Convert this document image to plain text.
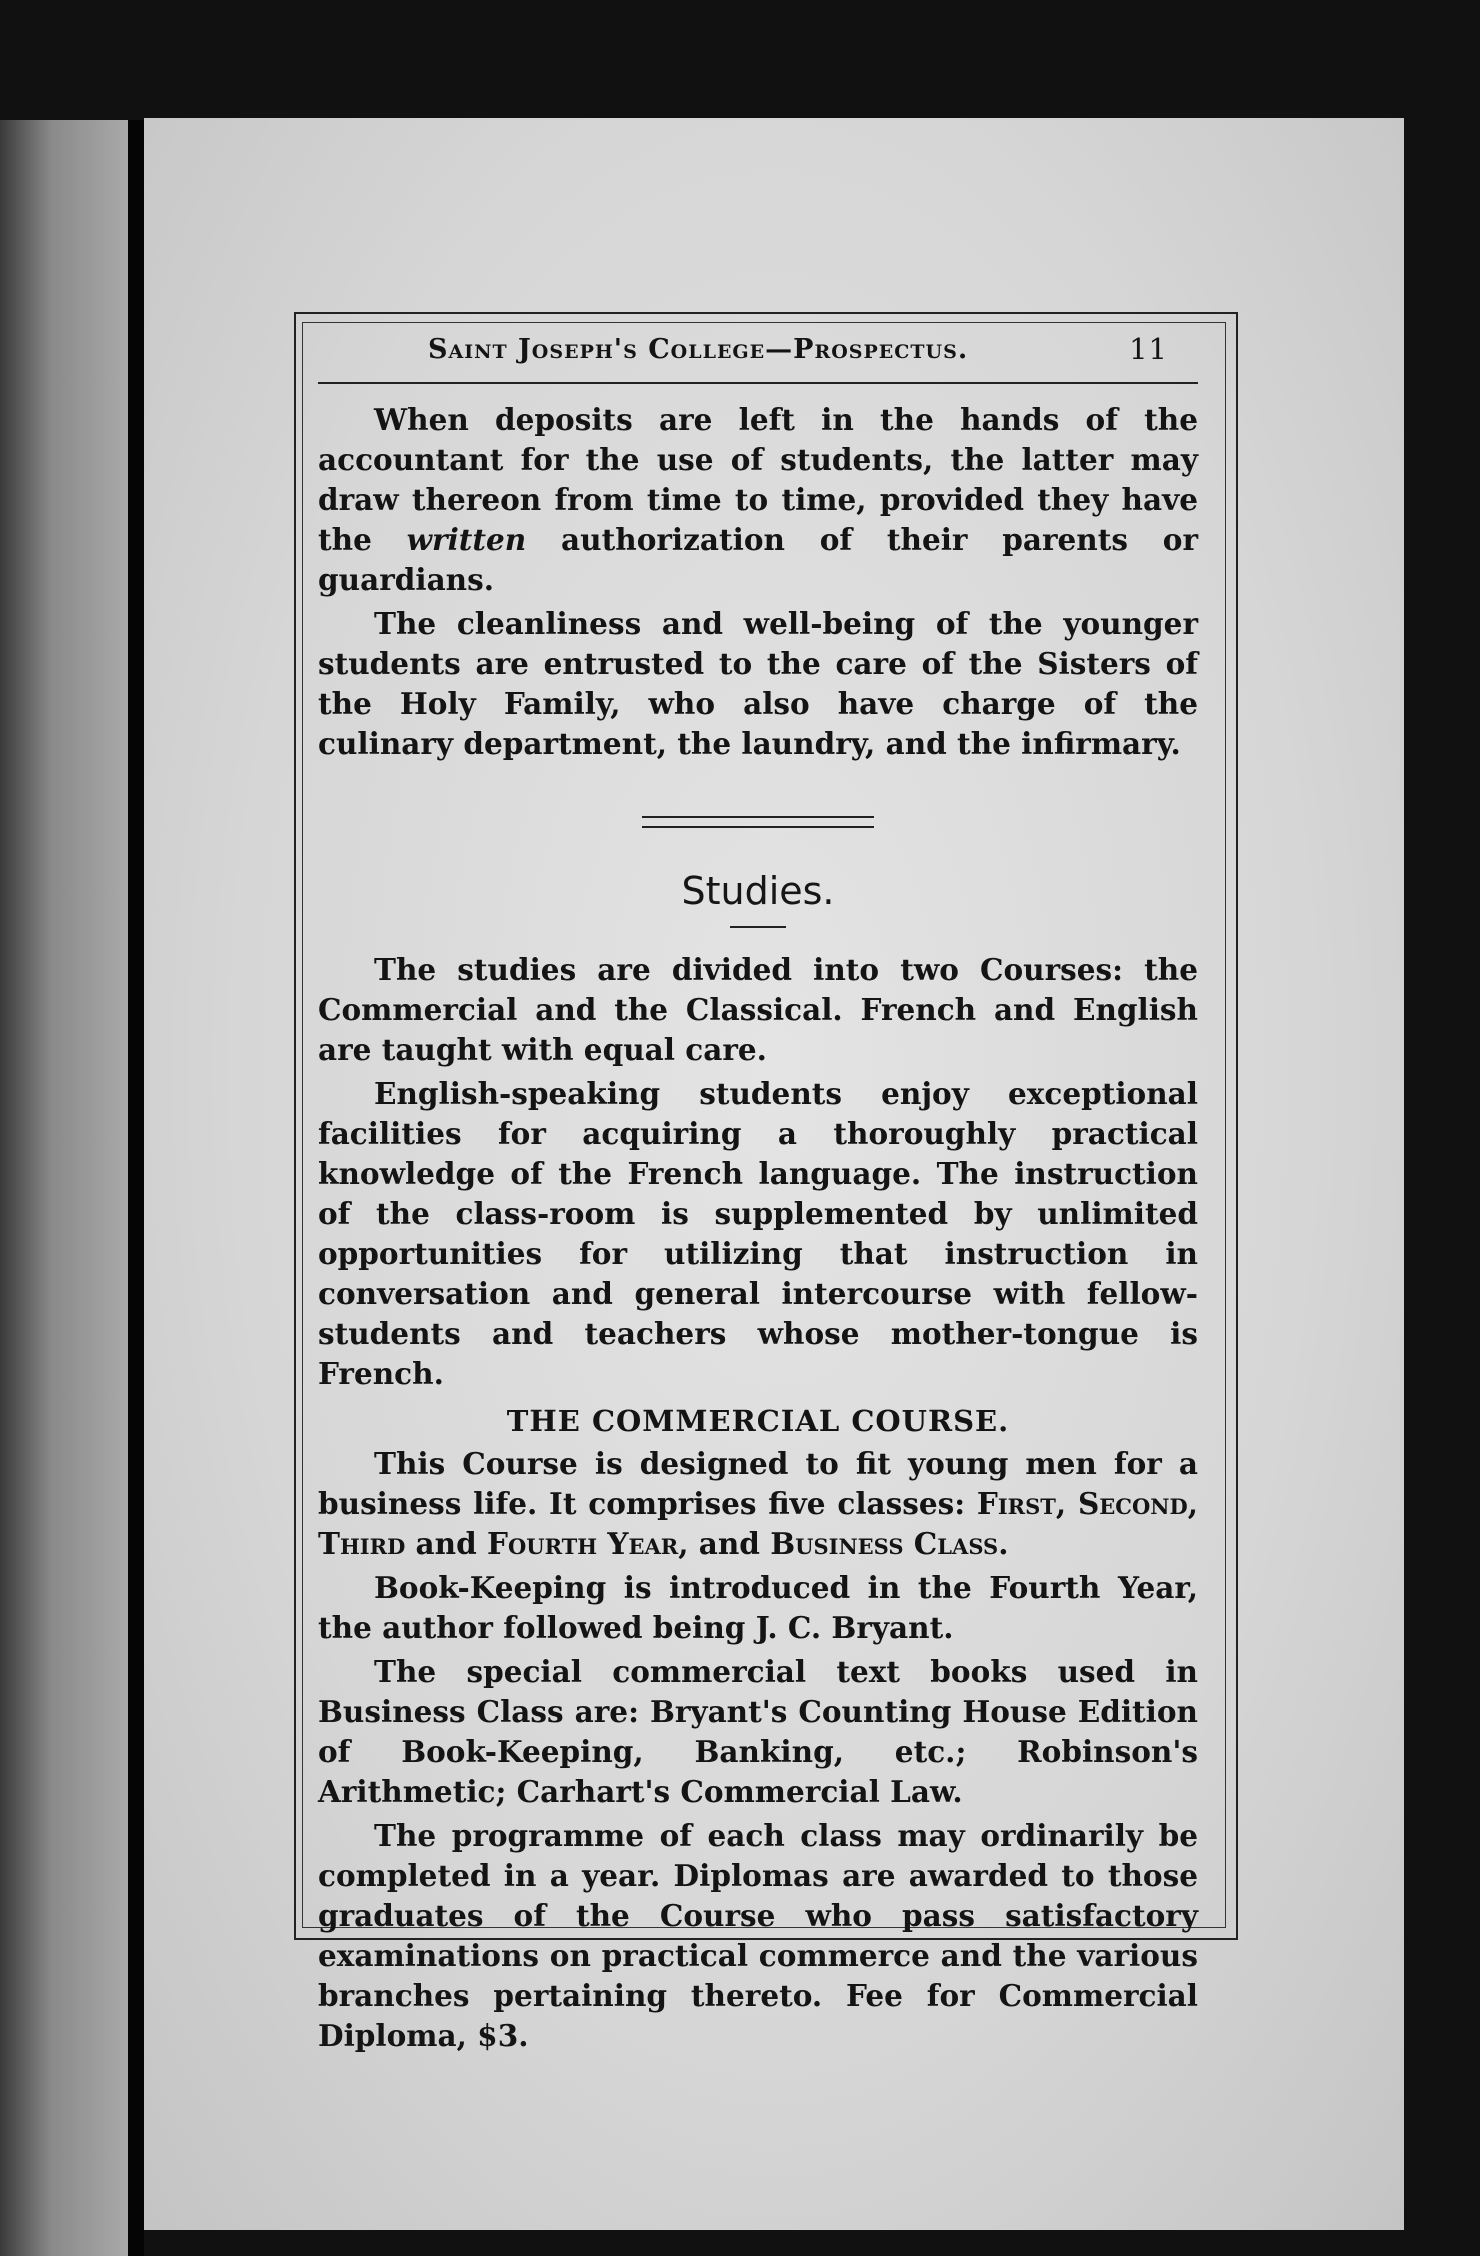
Saint Joseph's College—Prospectus.	11

When deposits are left in the hands of the accountant for the use of students, the latter may draw thereon from time to time, provided they have the written authorization of their parents or guardians.

The cleanliness and well-being of the younger students are entrusted to the care of the Sisters of the Holy Family, who also have charge of the culinary department, the laundry, and the infirmary.

Studies.

The studies are divided into two Courses: the Commercial and the Classical. French and English are taught with equal care.

English-speaking students enjoy exceptional facilities for acquiring a thoroughly practical knowledge of the French language. The instruction of the class-room is supplemented by unlimited opportunities for utilizing that instruction in conversation and general intercourse with fellow-students and teachers whose mother-tongue is French.

THE COMMERCIAL COURSE.

This Course is designed to fit young men for a business life. It comprises five classes: First, Second, Third and Fourth Year, and Business Class.

Book-Keeping is introduced in the Fourth Year, the author followed being J. C. Bryant.

The special commercial text books used in Business Class are: Bryant's Counting House Edition of Book-Keeping, Banking, etc.; Robinson's Arithmetic; Carhart's Commercial Law.

The programme of each class may ordinarily be completed in a year. Diplomas are awarded to those graduates of the Course who pass satisfactory examinations on practical commerce and the various branches pertaining thereto. Fee for Commercial Diploma, $3.
